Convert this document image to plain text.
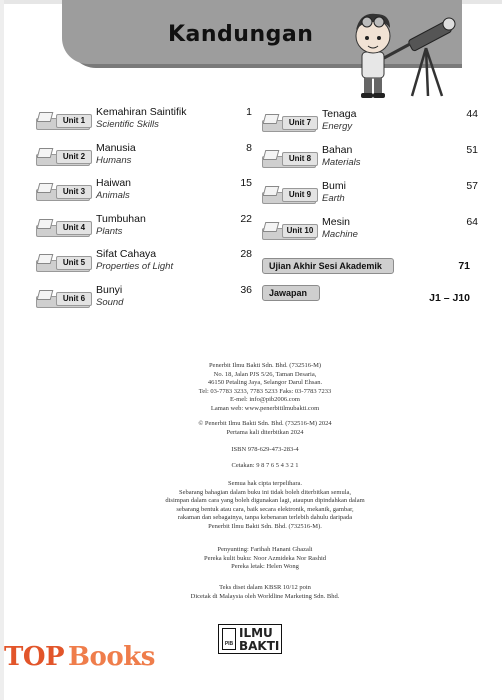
Kandungan
Unit 1
Kemahiran Saintifik
Scientific Skills
1
Unit 2
Manusia
Humans
8
Unit 3
Haiwan
Animals
15
Unit 4
Tumbuhan
Plants
22
Unit 5
Sifat Cahaya
Properties of Light
28
Unit 6
Bunyi
Sound
36
Unit 7
Tenaga
Energy
44
Unit 8
Bahan
Materials
51
Unit 9
Bumi
Earth
57
Unit 10
Mesin
Machine
64
Ujian Akhir Sesi Akademik	71
Jawapan	J1 – J10

Penerbit Ilmu Bakti Sdn. Bhd. (732516-M)

No. 18, Jalan PJS 5/26, Taman Desaria,

46150 Petaling Jaya, Selangor Darul Ehsan.

Tel: 03-7783 3233, 7783 5233 Faks: 03-7783 7233

E-mel: info@pib2006.com

Laman web: www.penerbitilmubakti.com

© Penerbit Ilmu Bakti Sdn. Bhd. (732516-M) 2024

Pertama kali diterbitkan 2024

ISBN 978-629-473-283-4

Cetakan: 9 8 7 6 5 4 3 2 1

Semua hak cipta terpelihara.

Sebarang bahagian dalam buku ini tidak boleh diterbitkan semula,

disimpan dalam cara yang boleh digunakan lagi, ataupun dipindahkan dalam

sebarang bentuk atau cara, baik secara elektronik, mekanik, gambar,

rakaman dan sebagainya, tanpa kebenaran terlebih dahulu daripada

Penerbit Ilmu Bakti Sdn. Bhd. (732516-M).

Penyunting: Farihah Hanani Ghazali

Pereka kulit buku: Noor Azmideka Nor Rashid

Pereka letak: Helen Wong

Teks diset dalam KBSR 10/12 poin

Dicetak di Malaysia oleh Worldline Marketing Sdn. Bhd.

PIB
ILMU
BAKTI
TOP Books
